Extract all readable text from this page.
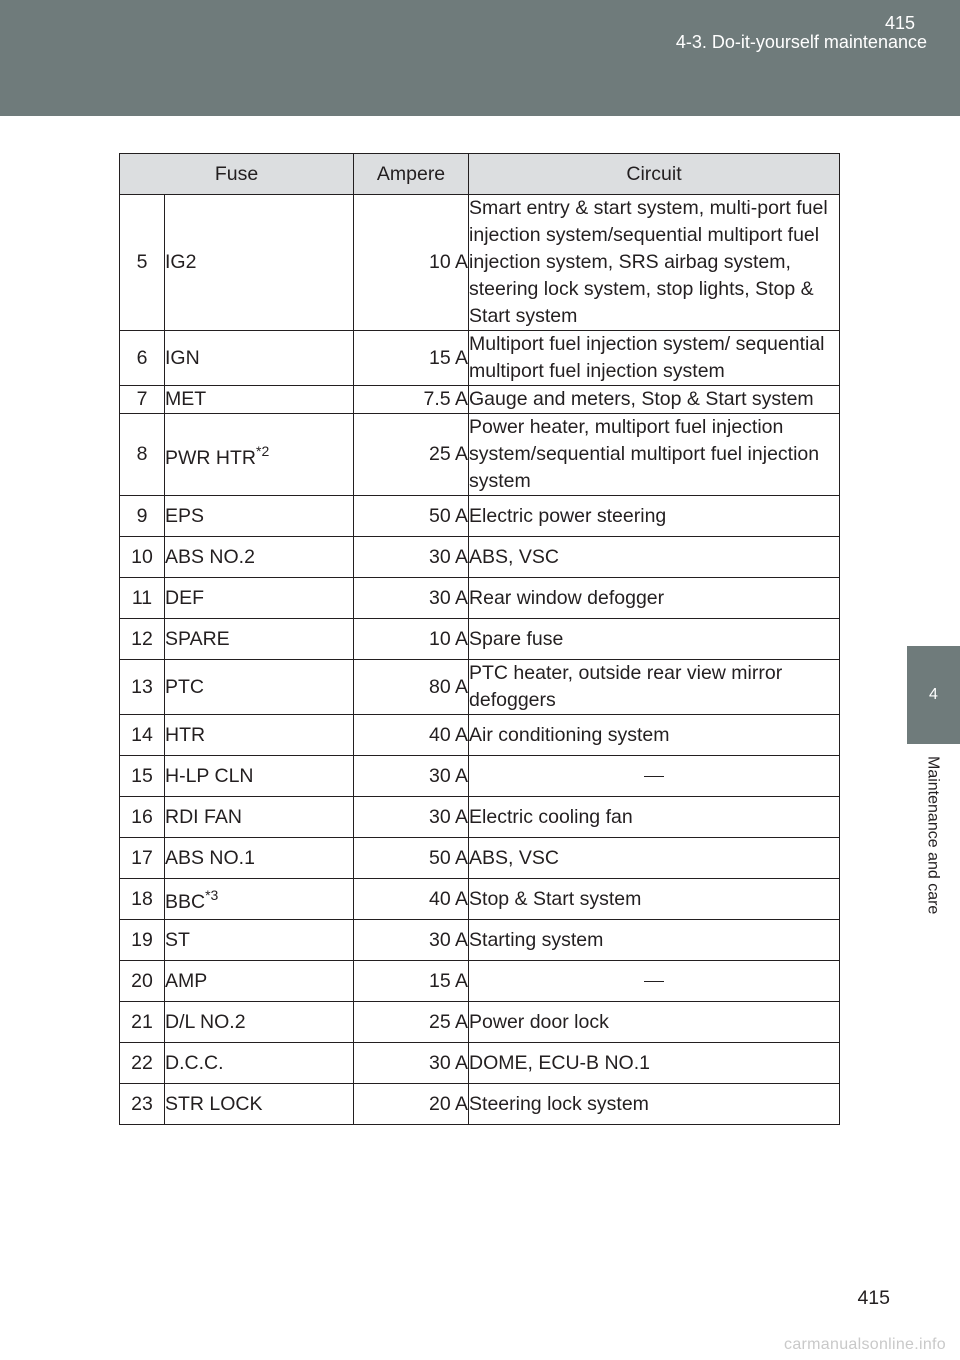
415
4-3. Do-it-yourself maintenance
4
Maintenance and care
Fuse		Ampere	Circuit
5	IG2	10 A	Smart entry & start system, multi-port fuel injection system/sequential multiport fuel injection system, SRS airbag system, steering lock system, stop lights, Stop & Start system
6	IGN	15 A	Multiport fuel injection system/ sequential multiport fuel injection system
7	MET	7.5 A	Gauge and meters, Stop & Start system
8	PWR HTR$^{*2}$	25 A	Power heater, multiport fuel injection system/sequential multiport fuel injection system
9	EPS	50 A	Electric power steering
10	ABS NO.2	30 A	ABS, VSC
11	DEF	30 A	Rear window defogger
12	SPARE	10 A	Spare fuse
13	PTC	80 A	PTC heater, outside rear view mirror defoggers
14	HTR	40 A	Air conditioning system
15	H-LP CLN	30 A	
16	RDI FAN	30 A	Electric cooling fan
17	ABS NO.1	50 A	ABS, VSC
18	BBC$^{*3}$	40 A	Stop & Start system
19	ST	30 A	Starting system
20	AMP	15 A	
21	D/L NO.2	25 A	Power door lock
22	D.C.C.	30 A	DOME, ECU-B NO.1
23	STR LOCK	20 A	Steering lock system
415
carmanualsonline.info
